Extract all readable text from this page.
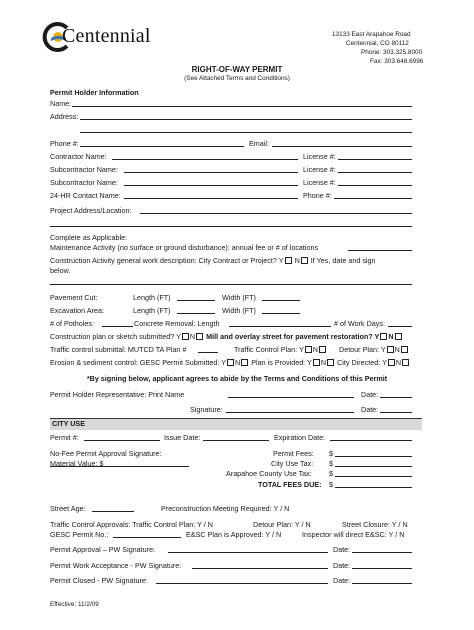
Centennial	13133 East Arapahoe Road
Centennial, CO 80112
Phone: 303.325.8000
Fax: 303.648.6996
RIGHT-OF-WAY PERMIT
(See Attached Terms and Conditions)
Permit Holder Information
Name:
Address:
Phone #:	Email:
Contractor Name:	License #:
Subcontractor Name:	License #:
Subcontractor Name:	License #:
24-HR Contact Name:	Phone #:
Project Address/Location:
Complete as Applicable:
Maintenance Activity (no surface or ground disturbance): annual fee or # of locations
Construction Activity general work description: City Contract or Project? Y N If Yes, date and sign
below.
Pavement Cut:	Length (FT)	Width (FT)
Excavation Area:	Length (FT)	Width (FT)
# of Potholes:	Concrete Removal: Length	# of Work Days:
Construction plan or sketch submitted? Y N Mill and overlay street for pavement restoration? Y N
Traffic control submittal: MUTCD TA Plan #	Traffic Control Plan: Y N	Detour Plan: Y N
Erosion & sediment control: GESC Permit Submitted: Y N Plan is Provided: Y N City Directed: Y N
*By signing below, applicant agrees to abide by the Terms and Conditions of this Permit
Permit Holder Representative: Print Name	Date:
Signature:	Date:
CITY USE
Permit #:	Issue Date:	Expiration Date:
No-Fee Permit Approval Signature:
Material Value: $
Permit Fees: $
City Use Tax: $
Arapahoe County Use Tax: $
TOTAL FEES DUE: $
Street Age:	Preconstruction Meeting Required: Y / N
Traffic Control Approvals: Traffic Control Plan: Y / N	Detour Plan: Y / N	Street Closure: Y / N
GESC Permit No.:	E&SC Plan is Approved: Y / N	Inspector will direct E&SC: Y / N
Permit Approval – PW Signature:	Date:
Permit Work Acceptance - PW Signature:	Date:
Permit Closed - PW Signature:	Date:
Effective: 11/2/09
